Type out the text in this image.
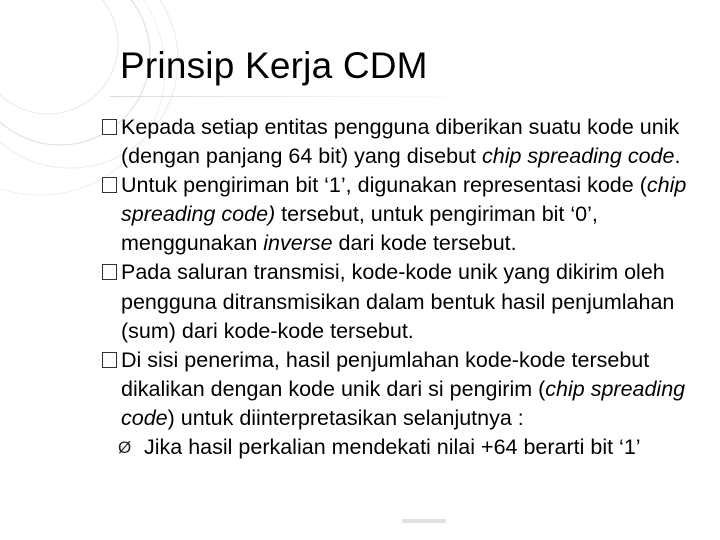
Prinsip Kerja CDM

Kepada setiap entitas pengguna diberikan suatu kode unik (dengan panjang 64 bit) yang disebut chip spreading code.

Untuk pengiriman bit ‘1’, digunakan representasi kode (chip spreading code) tersebut, untuk pengiriman bit ‘0’, menggunakan inverse dari kode tersebut.

Pada saluran transmisi, kode-kode unik yang dikirim oleh pengguna ditransmisikan dalam bentuk hasil penjumlahan (sum) dari kode-kode tersebut.

Di sisi penerima, hasil penjumlahan kode-kode tersebut dikalikan dengan kode unik dari si pengirim (chip spreading code) untuk diinterpretasikan selanjutnya :

Ø Jika hasil perkalian mendekati nilai +64 berarti bit ‘1’
